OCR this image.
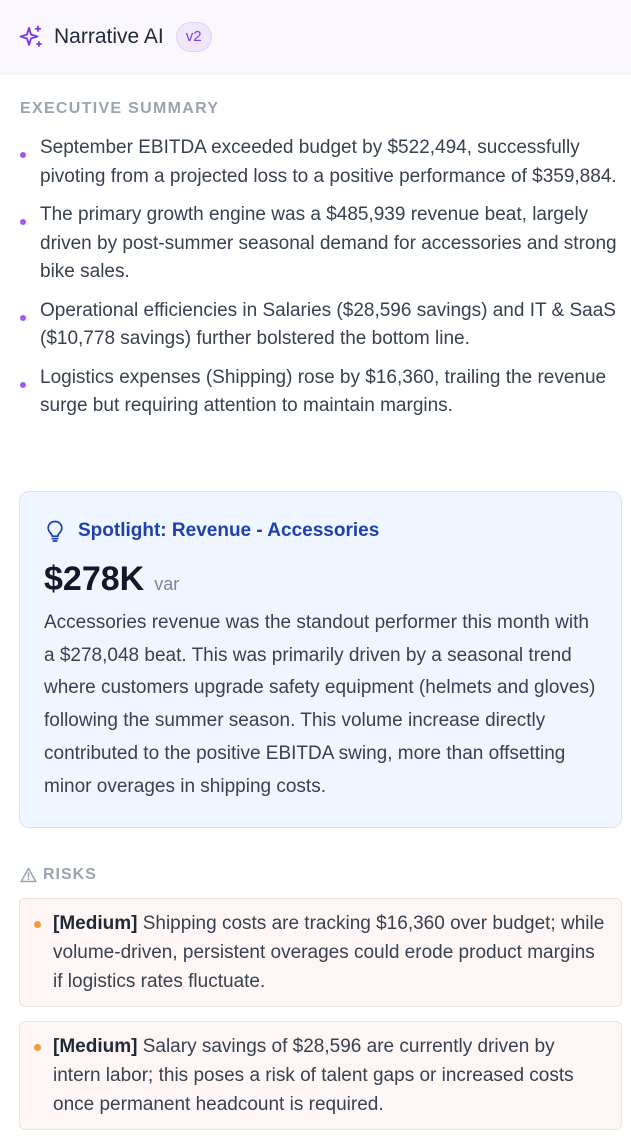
Narrative AI	v2
EXECUTIVE SUMMARY
September EBITDA exceeded budget by $522,494, successfully pivoting from a projected loss to a positive performance of $359,884.
The primary growth engine was a $485,939 revenue beat, largely driven by post-summer seasonal demand for accessories and strong bike sales.
Operational efficiencies in Salaries ($28,596 savings) and IT & SaaS ($10,778 savings) further bolstered the bottom line.
Logistics expenses (Shipping) rose by $16,360, trailing the revenue surge but requiring attention to maintain margins.
Spotlight: Revenue - Accessories
$278K var

Accessories revenue was the standout performer this month with a $278,048 beat. This was primarily driven by a seasonal trend where customers upgrade safety equipment (helmets and gloves) following the summer season. This volume increase directly contributed to the positive EBITDA swing, more than offsetting minor overages in shipping costs.

RISKS

[Medium] Shipping costs are tracking $16,360 over budget; while volume-driven, persistent overages could erode product margins if logistics rates fluctuate.

[Medium] Salary savings of $28,596 are currently driven by intern labor; this poses a risk of talent gaps or increased costs once permanent headcount is required.
